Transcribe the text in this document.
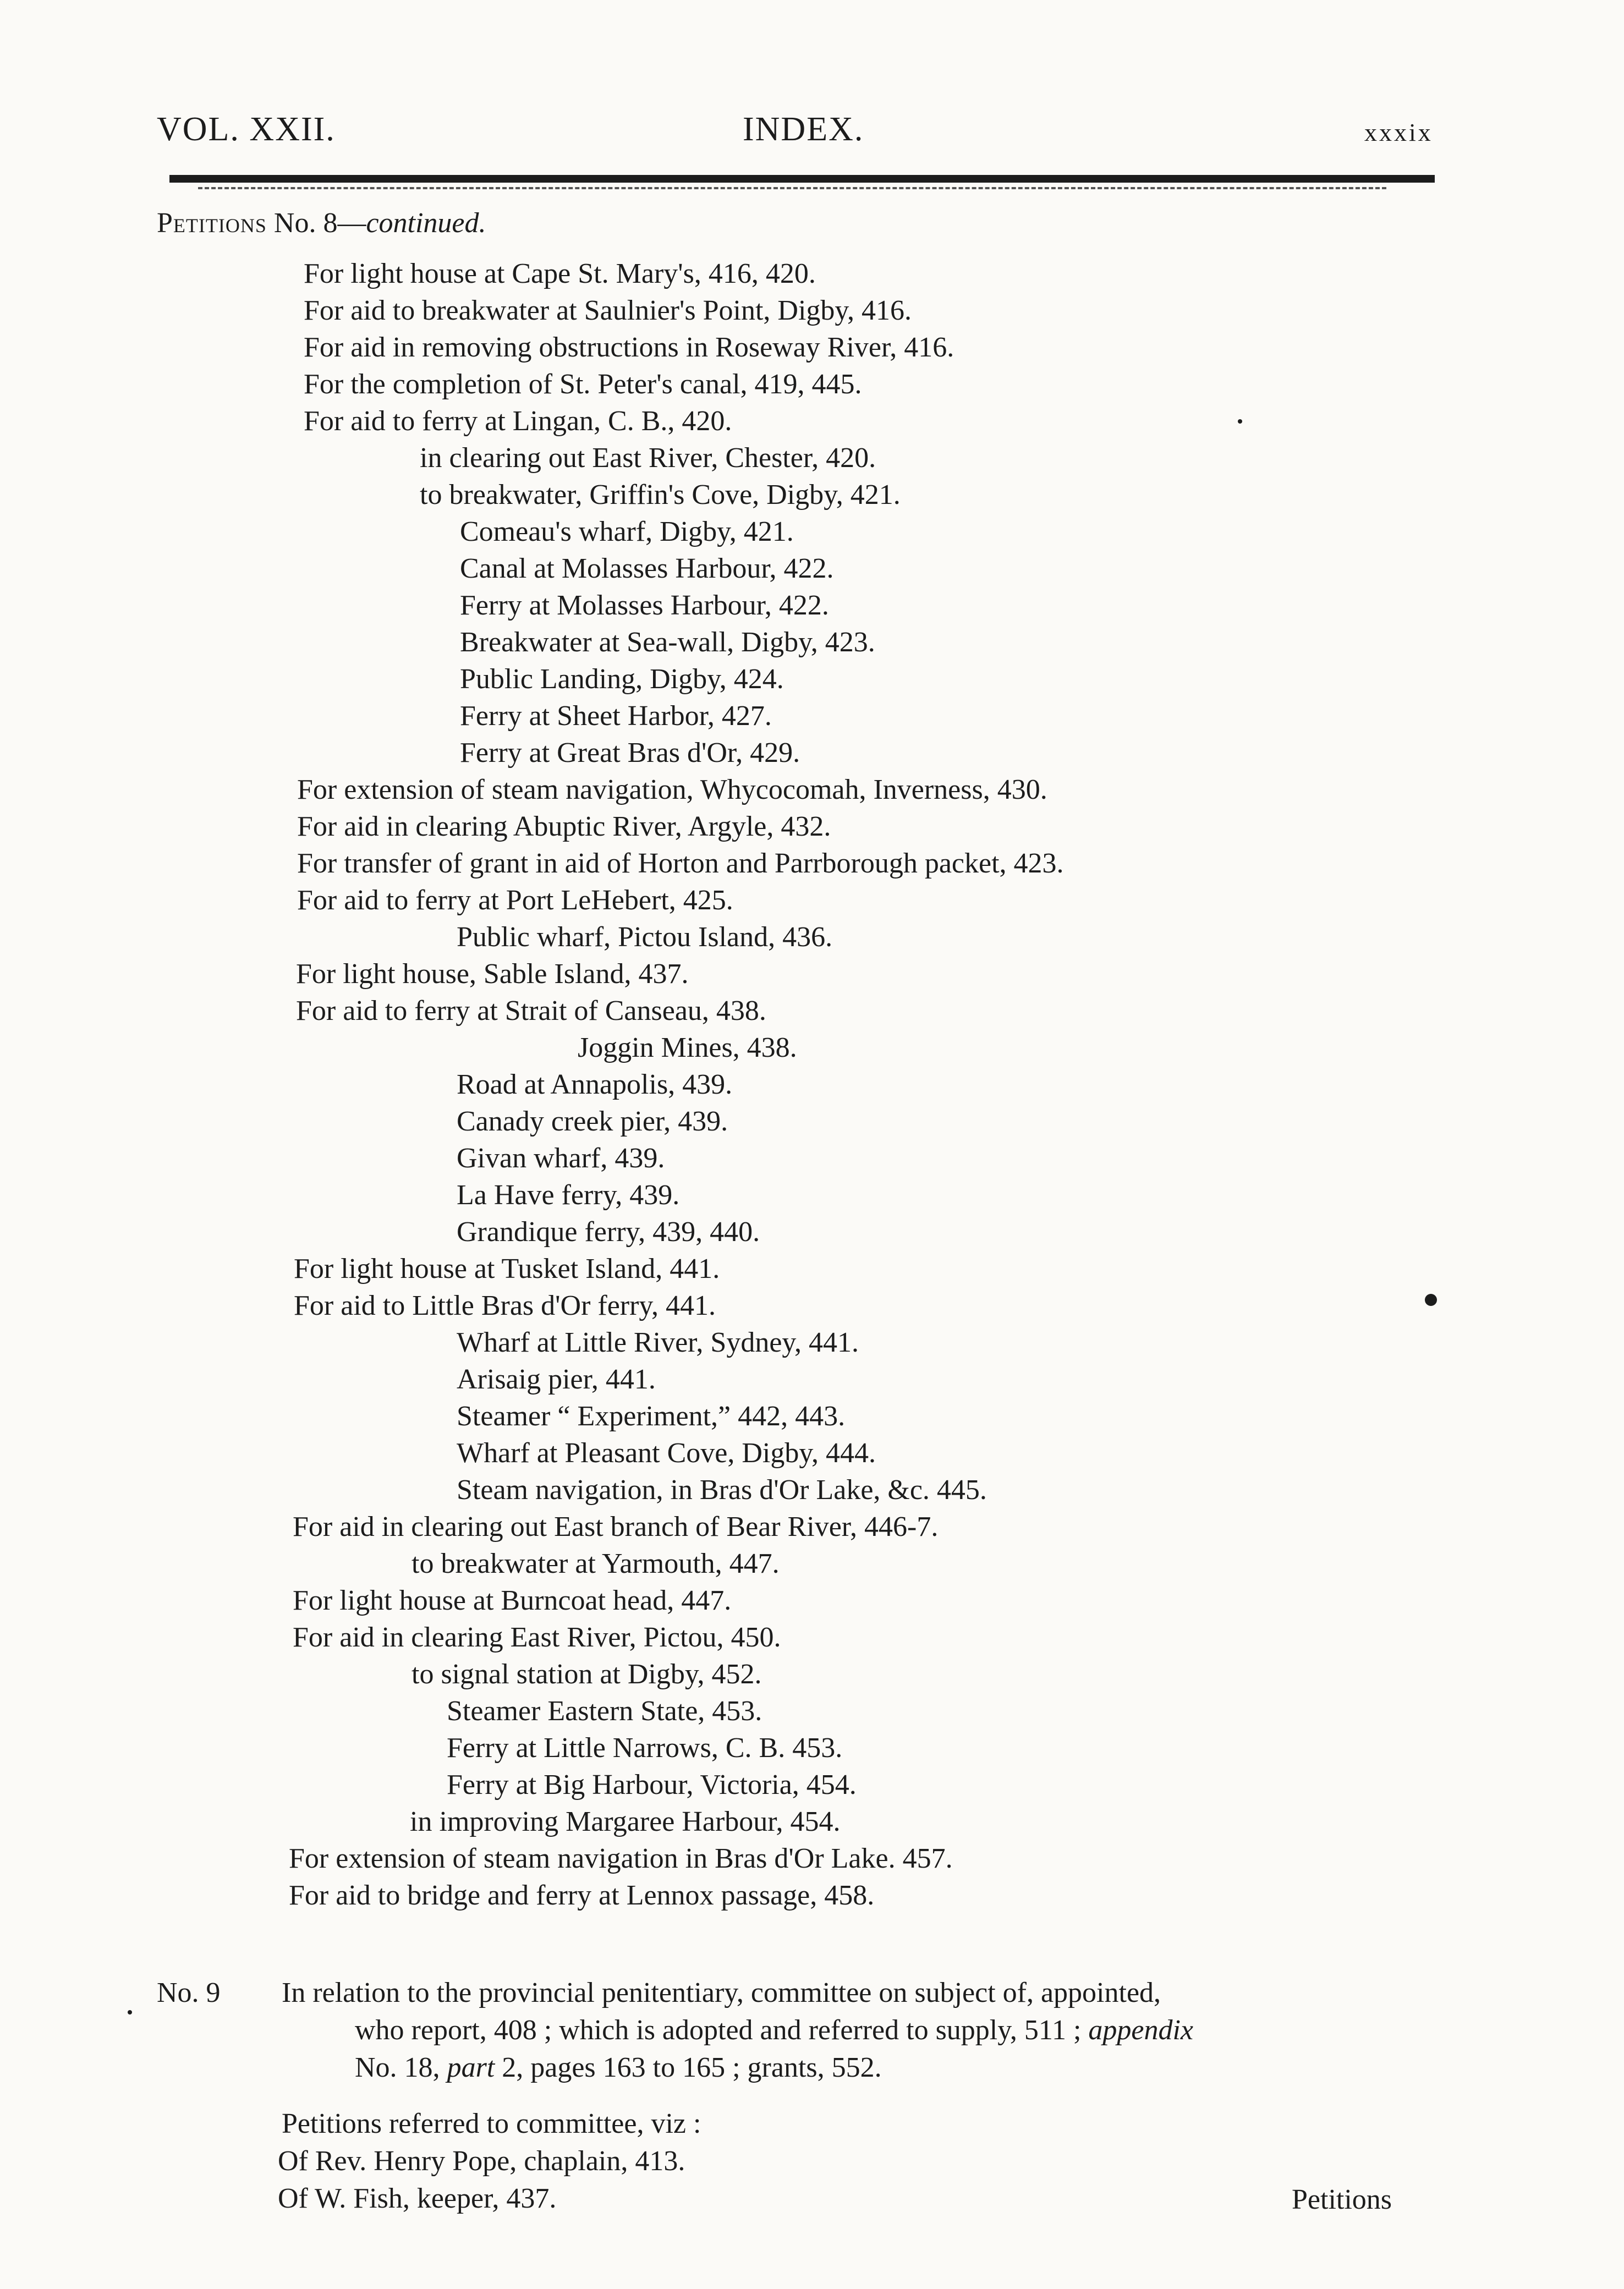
VOL. XXII.	INDEX.	xxxix
Petitions No. 8—continued.
For light house at Cape St. Mary's, 416, 420.
For aid to breakwater at Saulnier's Point, Digby, 416.
For aid in removing obstructions in Roseway River, 416.
For the completion of St. Peter's canal, 419, 445.
For aid to ferry at Lingan, C. B., 420.
in clearing out East River, Chester, 420.
to breakwater, Griffin's Cove, Digby, 421.
Comeau's wharf, Digby, 421.
Canal at Molasses Harbour, 422.
Ferry at Molasses Harbour, 422.
Breakwater at Sea-wall, Digby, 423.
Public Landing, Digby, 424.
Ferry at Sheet Harbor, 427.
Ferry at Great Bras d'Or, 429.
For extension of steam navigation, Whycocomah, Inverness, 430.
For aid in clearing Abuptic River, Argyle, 432.
For transfer of grant in aid of Horton and Parrborough packet, 423.
For aid to ferry at Port LeHebert, 425.
Public wharf, Pictou Island, 436.
For light house, Sable Island, 437.
For aid to ferry at Strait of Canseau, 438.
Joggin Mines, 438.
Road at Annapolis, 439.
Canady creek pier, 439.
Givan wharf, 439.
La Have ferry, 439.
Grandique ferry, 439, 440.
For light house at Tusket Island, 441.
For aid to Little Bras d'Or ferry, 441.
Wharf at Little River, Sydney, 441.
Arisaig pier, 441.
Steamer “ Experiment,” 442, 443.
Wharf at Pleasant Cove, Digby, 444.
Steam navigation, in Bras d'Or Lake, &c. 445.
For aid in clearing out East branch of Bear River, 446-7.
to breakwater at Yarmouth, 447.
For light house at Burncoat head, 447.
For aid in clearing East River, Pictou, 450.
to signal station at Digby, 452.
Steamer Eastern State, 453.
Ferry at Little Narrows, C. B. 453.
Ferry at Big Harbour, Victoria, 454.
in improving Margaree Harbour, 454.
For extension of steam navigation in Bras d'Or Lake. 457.
For aid to bridge and ferry at Lennox passage, 458.
No. 9 In relation to the provincial penitentiary, committee on subject of, appointed,
who report, 408 ; which is adopted and referred to supply, 511 ; appendix
No. 18, part 2, pages 163 to 165 ; grants, 552.
Petitions referred to committee, viz :
Of Rev. Henry Pope, chaplain, 413.
Of W. Fish, keeper, 437.	Petitions
